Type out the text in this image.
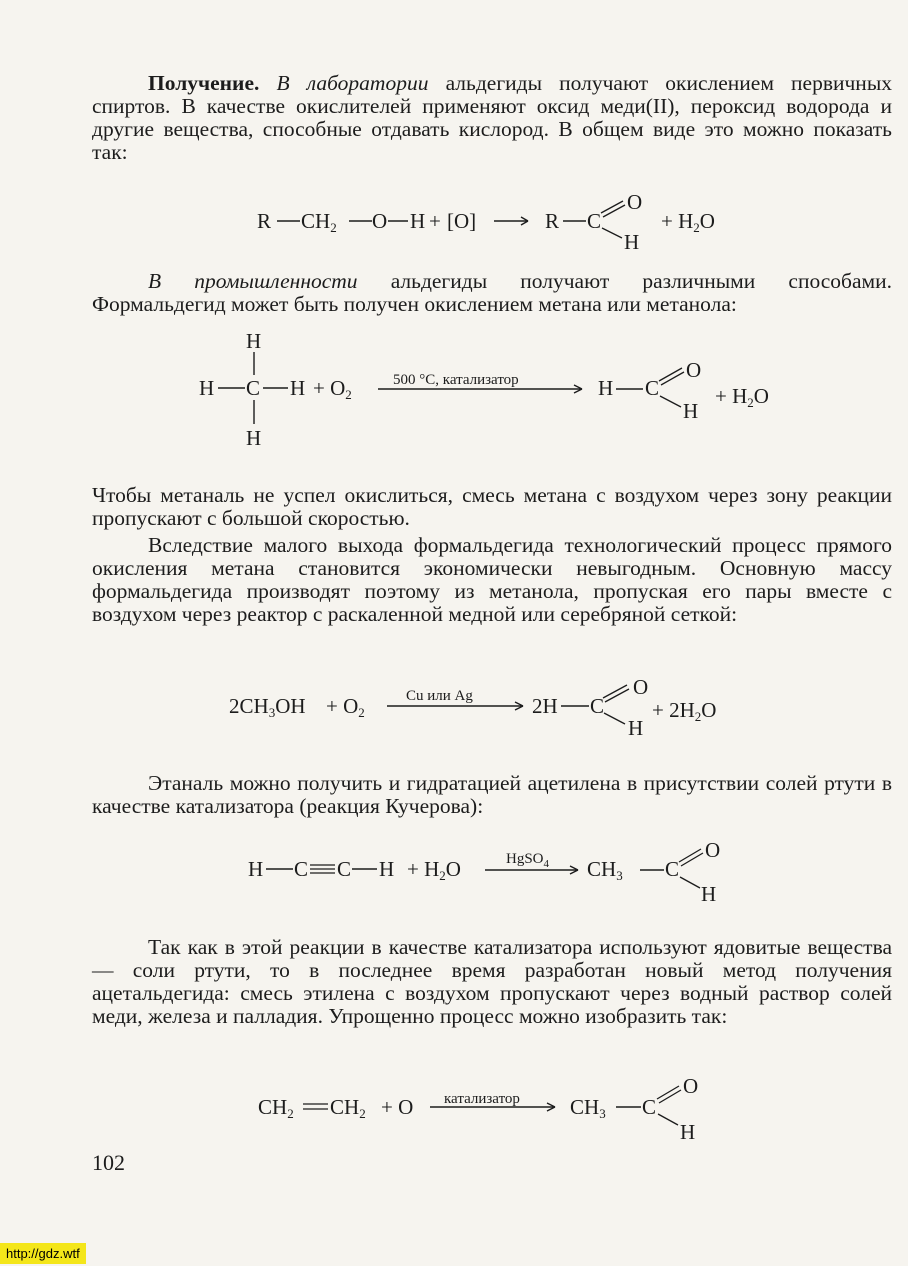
Получение. В лаборатории альдегиды получают окислением первичных спиртов. В качестве окислителей применяют оксид меди(II), пероксид водорода и другие вещества, способные отдавать кислород. В общем виде это можно показать так:

R $CH_2$ O H + [O]	R C
O
H
+ $H_2O$

В промышленности альдегиды получают различными способами. Формальдегид может быть получен окислением метана или метанола:

H
H C H
H
+ $O_2$
500 °C, катализатор	H C
O
H
+ $H_2O$

Чтобы метаналь не успел окислиться, смесь метана с воздухом через зону реакции пропускают с большой скоростью.

Вследствие малого выхода формальдегида технологический процесс прямого окисления метана становится экономически невыгодным. Основную массу формальдегида производят поэтому из метанола, пропуская его пары вместе с воздухом через реактор с раскаленной медной или серебряной сеткой:

$2CH_3OH + O_2$
Cu или Ag	2H C
O
H
+ $2H_2O$

Этаналь можно получить и гидратацией ацетилена в присутствии солей ртути в качестве катализатора (реакция Кучерова):

H C C $H + H_2O$	HgSO$_4$ $CH_3$ C
O
H

Так как в этой реакции в качестве катализатора используют ядовитые вещества — соли ртути, то в последнее время разработан новый метод получения ацетальдегида: смесь этилена с воздухом пропускают через водный раствор солей меди, железа и палладия. Упрощенно процесс можно изобразить так:

$CH_2$ $CH_2 + O$ катализатор $CH_3$ C
O
H
102
http://gdz.wtf
